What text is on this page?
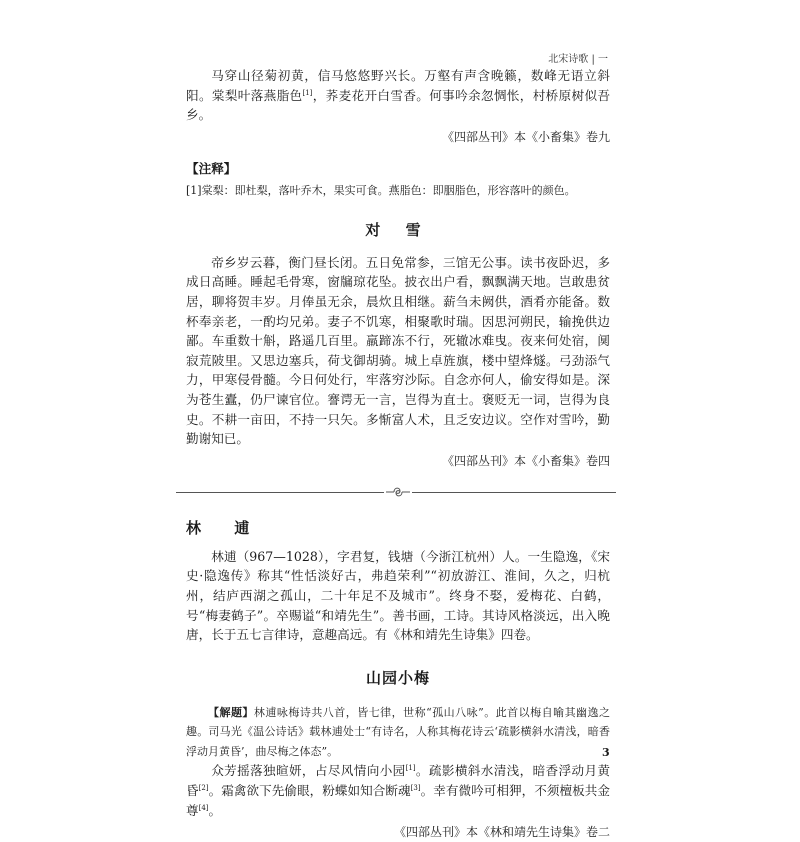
北宋诗歌 | 一

马穿山径菊初黄，信马悠悠野兴长。万壑有声含晚籁，数峰无语立斜阳。棠梨叶落燕脂色[1]，荞麦花开白雪香。何事吟余忽惆怅，村桥原树似吾乡。

《四部丛刊》本《小畜集》卷九

【注释】

[1]棠梨：即杜梨，落叶乔木，果实可食。燕脂色：即胭脂色，形容落叶的颜色。

对 雪

帝乡岁云暮，衡门昼长闭。五日免常参，三馆无公事。读书夜卧迟，多成日高睡。睡起毛骨寒，窗牖琼花坠。披衣出户看，飘飘满天地。岂敢患贫居，聊将贺丰岁。月俸虽无余，晨炊且相继。薪刍未阙供，酒肴亦能备。数杯奉亲老，一酌均兄弟。妻子不饥寒，相聚歌时瑞。因思河朔民，输挽供边鄙。车重数十斛，路遥几百里。羸蹄冻不行，死辙冰难曳。夜来何处宿，阒寂荒陂里。又思边塞兵，荷戈御胡骑。城上卓旌旗，楼中望烽燧。弓劲添气力，甲寒侵骨髓。今日何处行，牢落穷沙际。自念亦何人，偷安得如是。深为苍生蠹，仍尸谏官位。謇谔无一言，岂得为直士。褒贬无一词，岂得为良史。不耕一亩田，不持一只矢。多惭富人术，且乏安边议。空作对雪吟，勤勤谢知已。

《四部丛刊》本《小畜集》卷四

林 逋

林逋（967—1028），字君复，钱塘（今浙江杭州）人。一生隐逸，《宋史·隐逸传》称其“性恬淡好古，弗趋荣利”“初放游江、淮间，久之，归杭州，结庐西湖之孤山，二十年足不及城市”。终身不娶，爱梅花、白鹤，号“梅妻鹤子”。卒赐谥“和靖先生”。善书画，工诗。其诗风格淡远，出入晚唐，长于五七言律诗，意趣高远。有《林和靖先生诗集》四卷。

山园小梅

【解题】林逋咏梅诗共八首，皆七律，世称“孤山八咏”。此首以梅自喻其幽逸之趣。司马光《温公诗话》载林逋处士“有诗名，人称其梅花诗云‘疏影横斜水清浅，暗香浮动月黄昏’，曲尽梅之体态”。

众芳摇落独暄妍，占尽风情向小园[1]。疏影横斜水清浅，暗香浮动月黄昏[2]。霜禽欲下先偷眼，粉蝶如知合断魂[3]。幸有微吟可相狎，不须檀板共金尊[4]。

《四部丛刊》本《林和靖先生诗集》卷二

3
